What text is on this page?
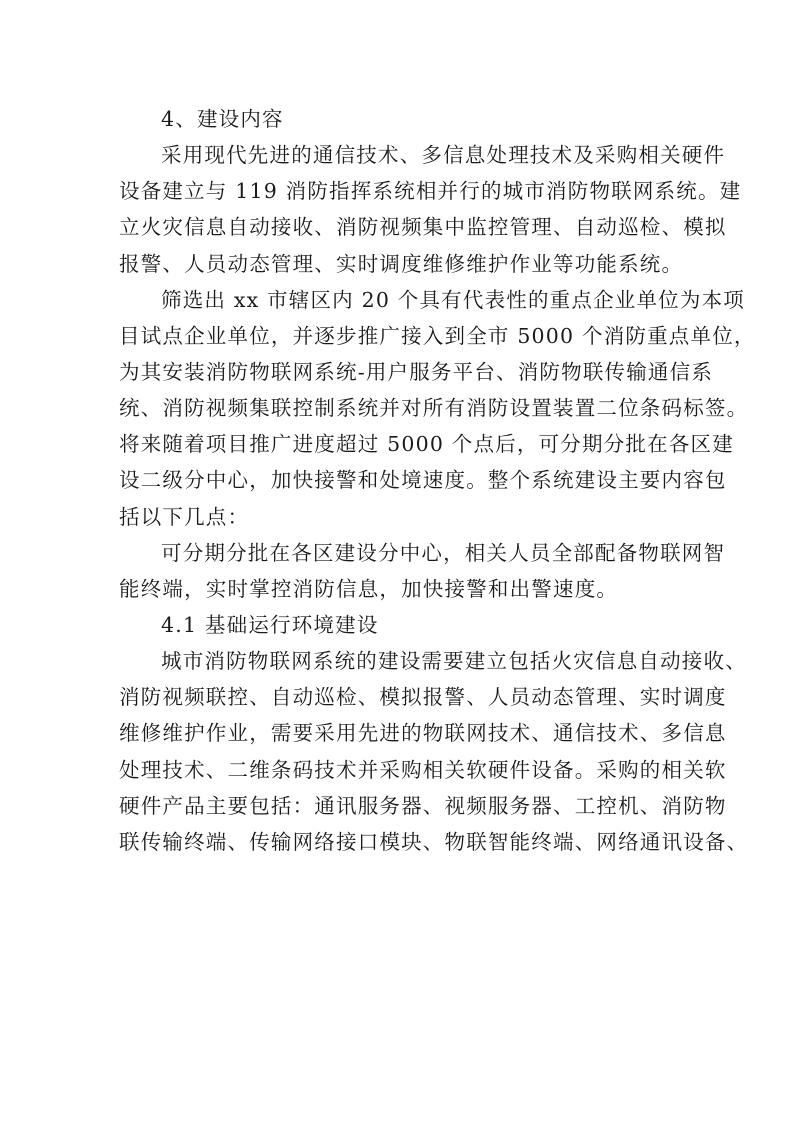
4、建设内容
采用现代先进的通信技术、多信息处理技术及采购相关硬件
设备建立与 119 消防指挥系统相并行的城市消防物联网系统。建
立火灾信息自动接收、消防视频集中监控管理、自动巡检、模拟
报警、人员动态管理、实时调度维修维护作业等功能系统。
筛选出 xx 市辖区内 20 个具有代表性的重点企业单位为本项
目试点企业单位，并逐步推广接入到全市 5000 个消防重点单位，
为其安装消防物联网系统-用户服务平台、消防物联传输通信系
统、消防视频集联控制系统并对所有消防设置装置二位条码标签。
将来随着项目推广进度超过 5000 个点后，可分期分批在各区建
设二级分中心，加快接警和处境速度。整个系统建设主要内容包
括以下几点：
可分期分批在各区建设分中心，相关人员全部配备物联网智
能终端，实时掌控消防信息，加快接警和出警速度。
4.1 基础运行环境建设
城市消防物联网系统的建设需要建立包括火灾信息自动接收、
消防视频联控、自动巡检、模拟报警、人员动态管理、实时调度
维修维护作业，需要采用先进的物联网技术、通信技术、多信息
处理技术、二维条码技术并采购相关软硬件设备。采购的相关软
硬件产品主要包括：通讯服务器、视频服务器、工控机、消防物
联传输终端、传输网络接口模块、物联智能终端、网络通讯设备、
